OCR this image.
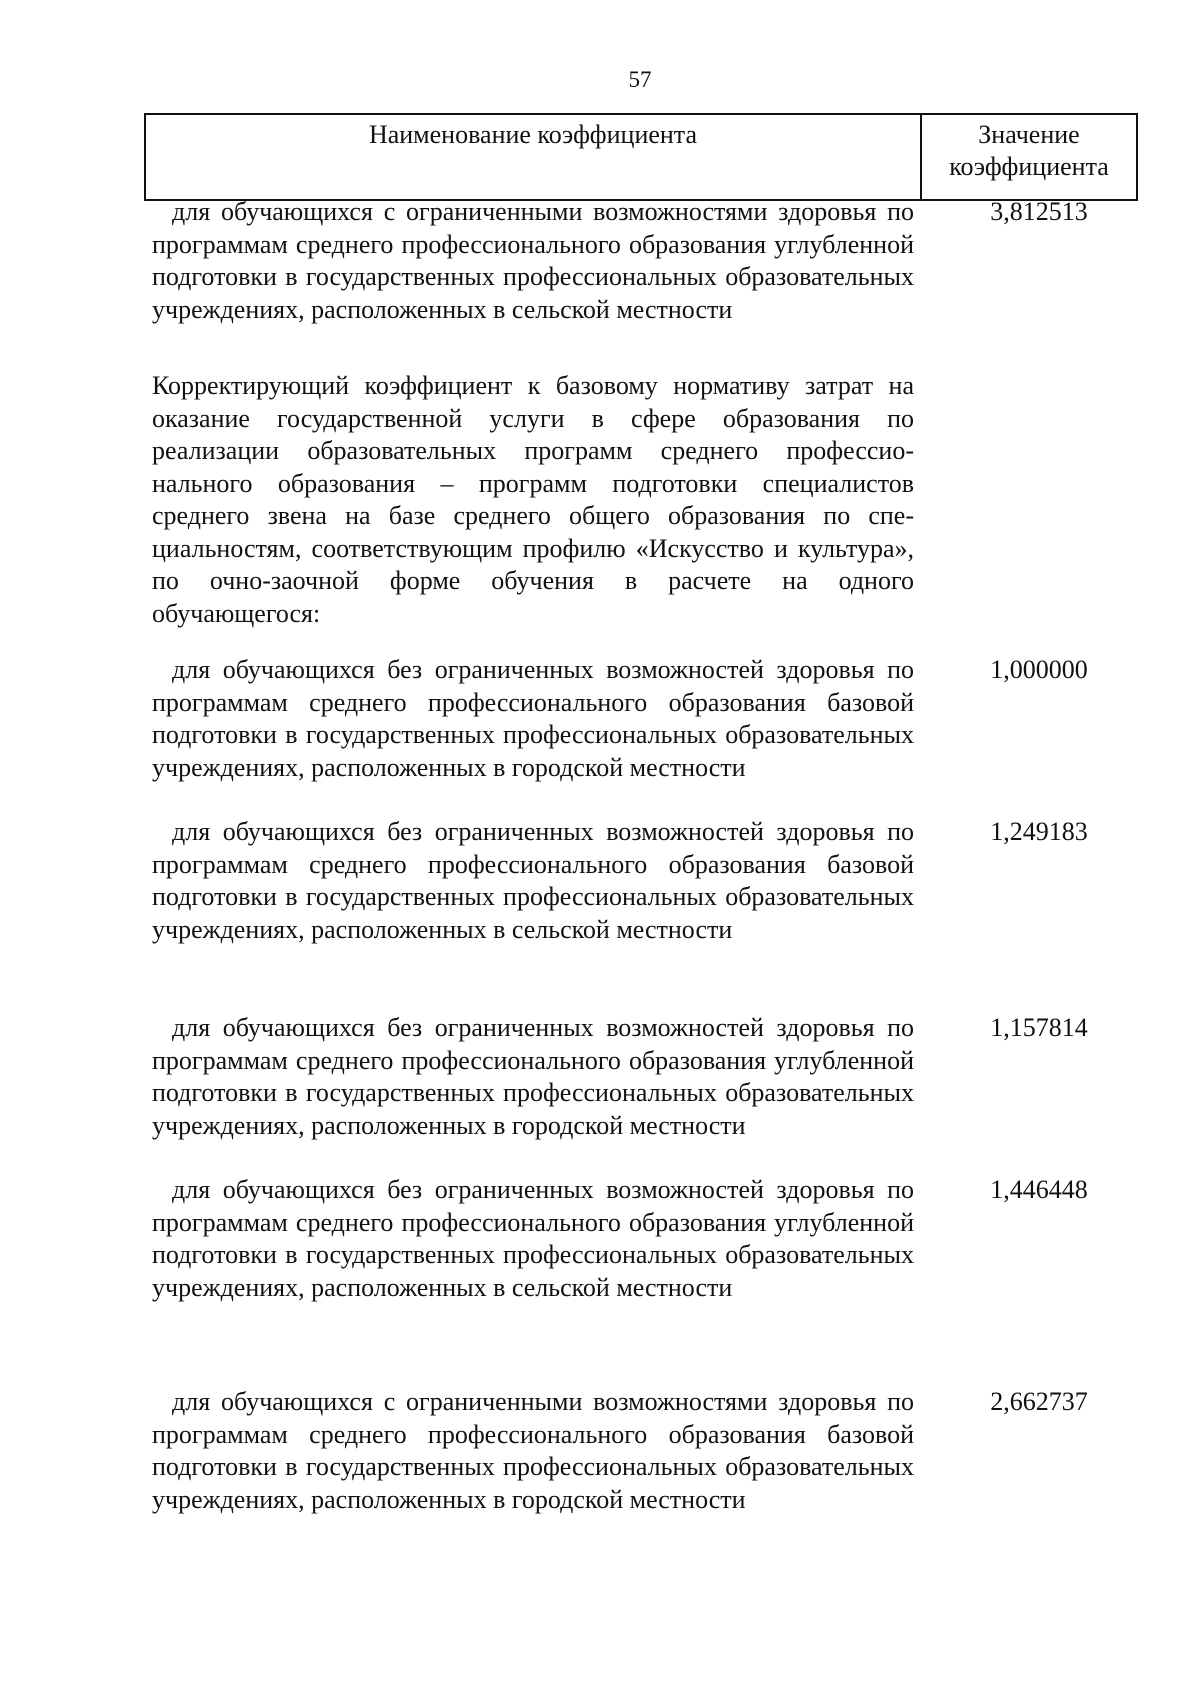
57
Наименование коэффициента	Значение
коэффициента
для обучающихся с ограниченными возможностями здоровья по программам среднего профессионального образования углубленной подготовки в государственных профессиональных образовательных учреждениях, расположенных в сельской местности
3,812513
Корректирующий коэффициент к базовому нормативу затрат на оказание государственной услуги в сфере образования по реализации образовательных программ среднего профессионального образования – программ подготовки специалистов среднего звена на базе среднего общего образования по специальностям, соответствующим профилю «Искусство и культура», по очно-заочной форме обучения в расчете на одного обучающегося:
для обучающихся без ограниченных возможностей здоровья по программам среднего профессионального образования базовой подготовки в государственных профессиональных образовательных учреждениях, расположенных в городской местности
1,000000
для обучающихся без ограниченных возможностей здоровья по программам среднего профессионального образования базовой подготовки в государственных профессиональных образовательных учреждениях, расположенных в сельской местности
1,249183
для обучающихся без ограниченных возможностей здоровья по программам среднего профессионального образования углубленной подготовки в государственных профессиональных образовательных учреждениях, расположенных в городской местности
1,157814
для обучающихся без ограниченных возможностей здоровья по программам среднего профессионального образования углубленной подготовки в государственных профессиональных образовательных учреждениях, расположенных в сельской местности
1,446448
для обучающихся с ограниченными возможностями здоровья по программам среднего профессионального образования базовой подготовки в государственных профессиональных образовательных учреждениях, расположенных в городской местности
2,662737
